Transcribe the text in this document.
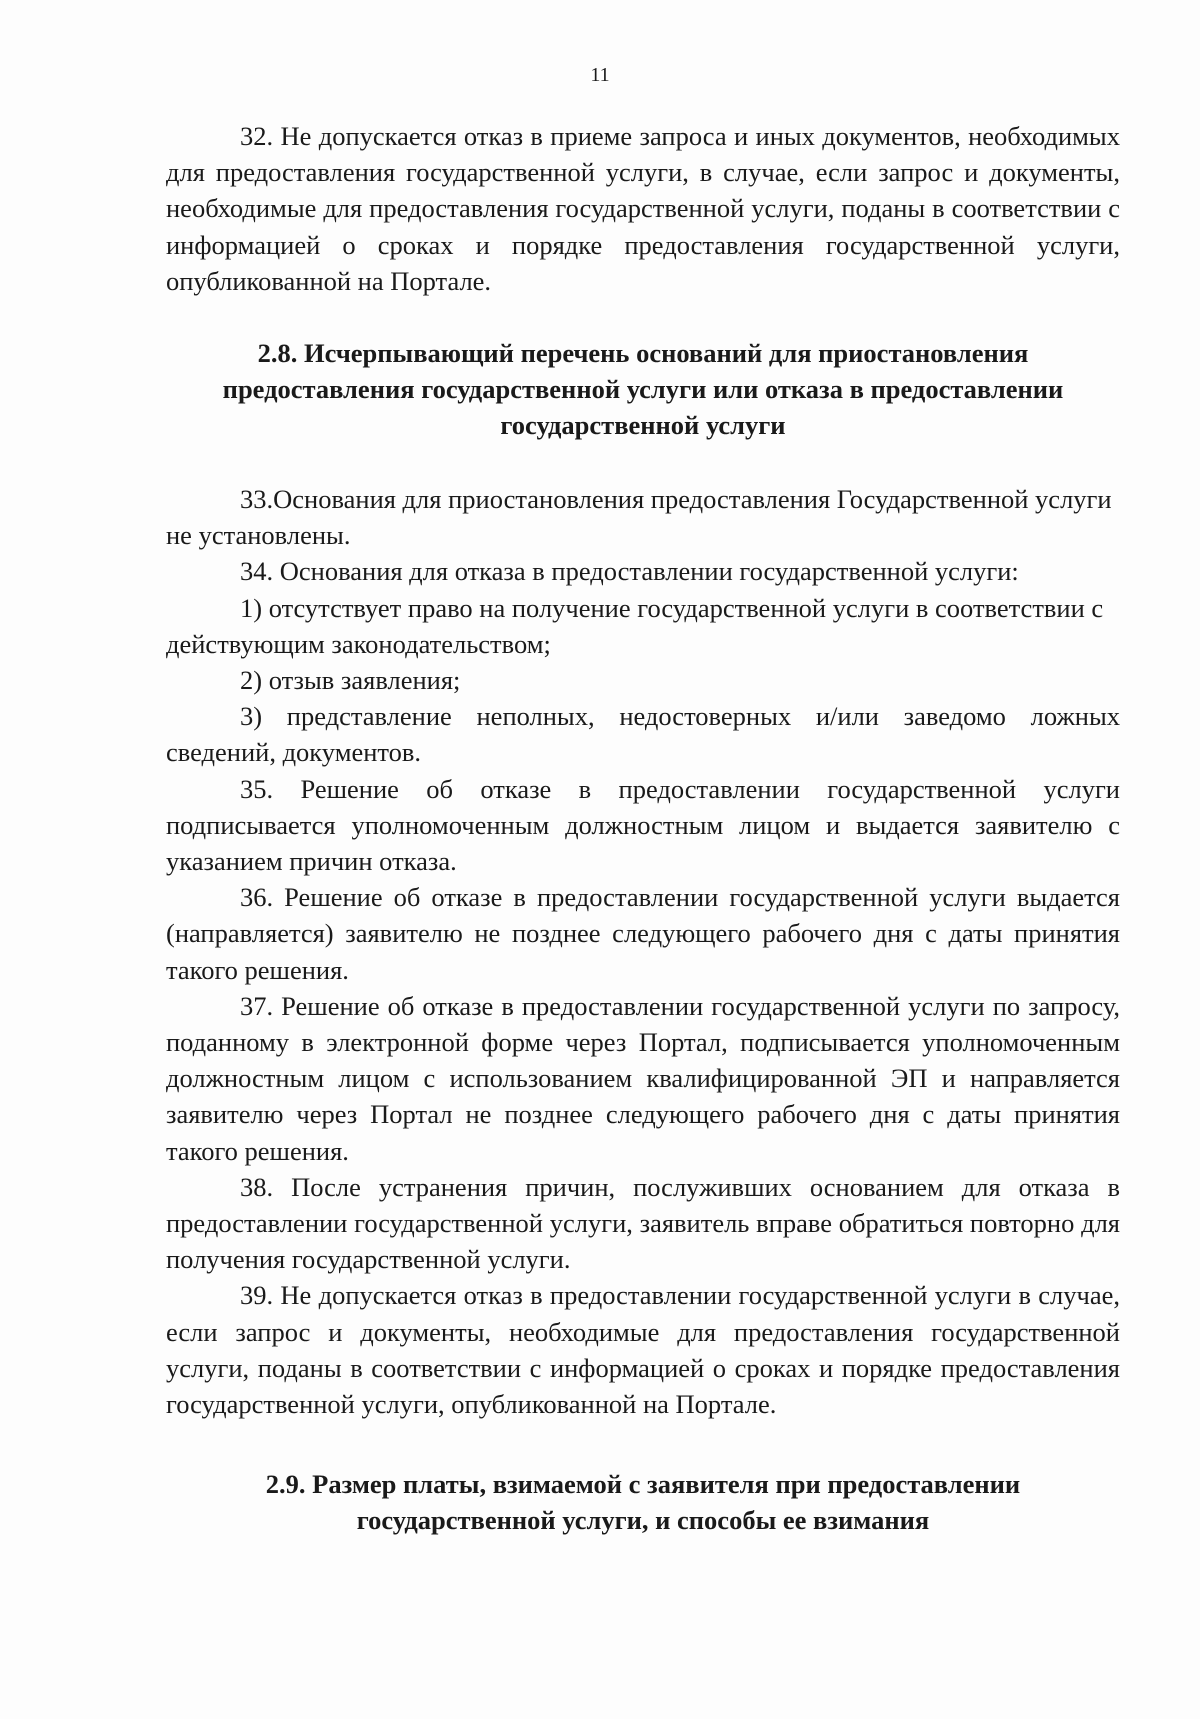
11

32. Не допускается отказ в приеме запроса и иных документов, необходимых для предоставления государственной услуги, в случае, если запрос и документы, необходимые для предоставления государственной услуги, поданы в соответствии с информацией о сроках и порядке предоставления государственной услуги, опубликованной на Портале.

2.8. Исчерпывающий перечень оснований для приостановления
предоставления государственной услуги или отказа в предоставлении
государственной услуги

33.Основания для приостановления предоставления Государственной услуги не установлены.

34. Основания для отказа в предоставлении государственной услуги:

1) отсутствует право на получение государственной услуги в соответствии с действующим законодательством;

2) отзыв заявления;

3) представление неполных, недостоверных и/или заведомо ложных сведений, документов.

35. Решение об отказе в предоставлении государственной услуги подписывается уполномоченным должностным лицом и выдается заявителю с указанием причин отказа.

36. Решение об отказе в предоставлении государственной услуги выдается (направляется) заявителю не позднее следующего рабочего дня с даты принятия такого решения.

37. Решение об отказе в предоставлении государственной услуги по запросу, поданному в электронной форме через Портал, подписывается уполномоченным должностным лицом с использованием квалифицированной ЭП и направляется заявителю через Портал не позднее следующего рабочего дня с даты принятия такого решения.

38. После устранения причин, послуживших основанием для отказа в предоставлении государственной услуги, заявитель вправе обратиться повторно для получения государственной услуги.

39. Не допускается отказ в предоставлении государственной услуги в случае, если запрос и документы, необходимые для предоставления государственной услуги, поданы в соответствии с информацией о сроках и порядке предоставления государственной услуги, опубликованной на Портале.

2.9. Размер платы, взимаемой с заявителя при предоставлении
государственной услуги, и способы ее взимания
